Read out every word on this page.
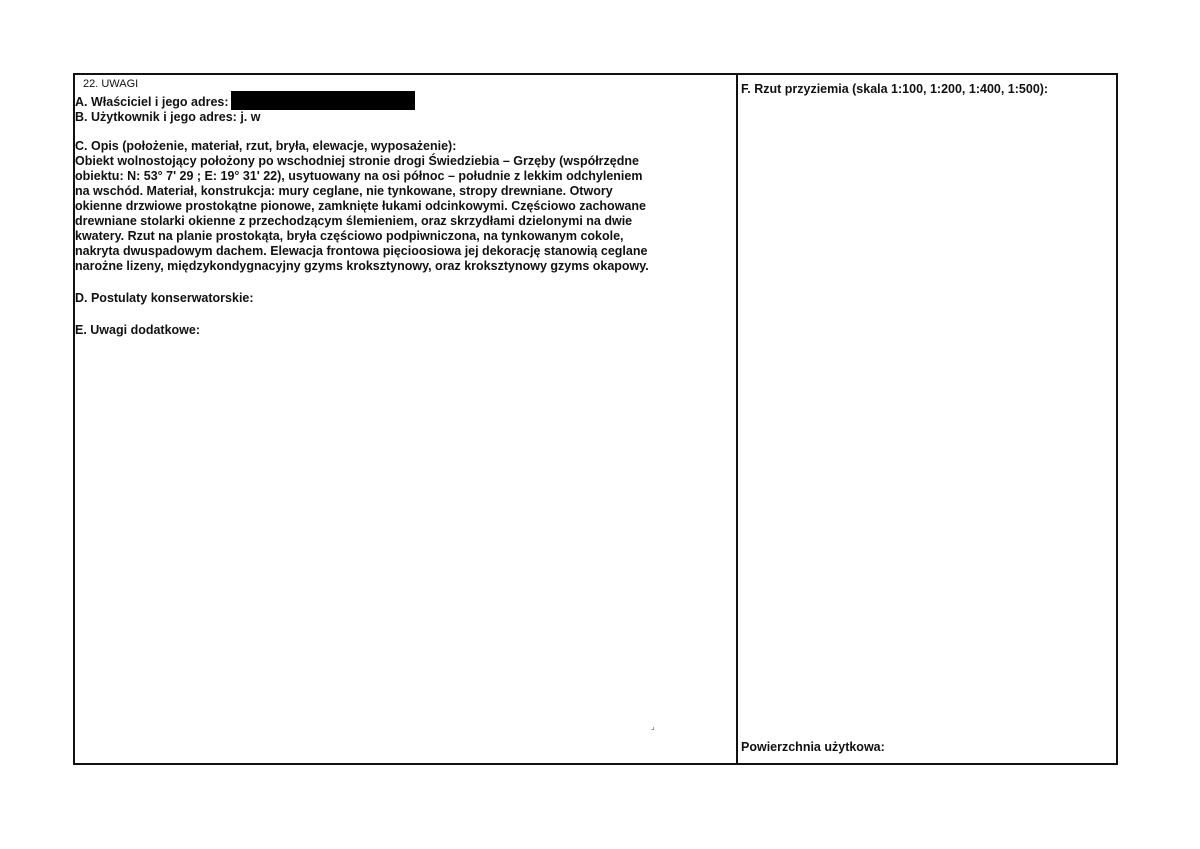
22. UWAGI
A. Właściciel i jego adres:
B. Użytkownik i jego adres: j. w
C. Opis (położenie, materiał, rzut, bryła, elewacje, wyposażenie):

Obiekt wolnostojący położony po wschodniej stronie drogi Świedziebia – Grzęby (współrzędne

obiektu: N: 53° 7' 29 ; E: 19° 31' 22), usytuowany na osi północ – południe z lekkim odchyleniem

na wschód. Materiał, konstrukcja: mury ceglane, nie tynkowane, stropy drewniane. Otwory

okienne drzwiowe prostokątne pionowe, zamknięte łukami odcinkowymi. Częściowo zachowane

drewniane stolarki okienne z przechodzącym ślemieniem, oraz skrzydłami dzielonymi na dwie

kwatery. Rzut na planie prostokąta, bryła częściowo podpiwniczona, na tynkowanym cokole,

nakryta dwuspadowym dachem. Elewacja frontowa pięcioosiowa jej dekorację stanowią ceglane

narożne lizeny, międzykondygnacyjny gzyms kroksztynowy, oraz kroksztynowy gzyms okapowy.

D. Postulaty konserwatorskie:
E. Uwagi dodatkowe:
F. Rzut przyziemia (skala 1:100, 1:200, 1:400, 1:500):
Powierzchnia użytkowa:
⌟
